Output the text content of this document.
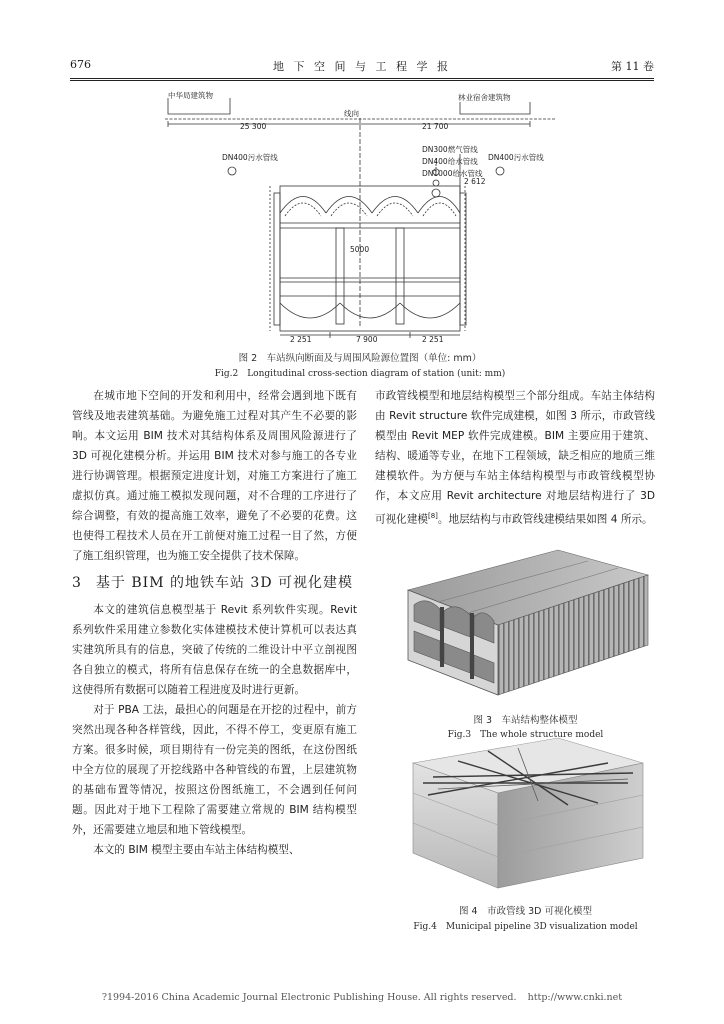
676	地 下 空 间 与 工 程 学 报	第 11 卷
中华局建筑物	林业宿舍建筑物
线向
25 300	21 700
DN400污水管线
DN300燃气管线
DN400给水管线
DN1000给水管线
DN400污水管线
2 612
5000
2 251	7 900	2 251
图 2　车站纵向断面及与周围风险源位置图（单位: mm）
Fig.2　Longitudinal cross-section diagram of station (unit: mm)

在城市地下空间的开发和利用中，经常会遇到地下既有管线及地表建筑基础。为避免施工过程对其产生不必要的影响。本文运用 BIM 技术对其结构体系及周围风险源进行了 3D 可视化建模分析。并运用 BIM 技术对参与施工的各专业进行协调管理。根据预定进度计划，对施工方案进行了施工虚拟仿真。通过施工模拟发现问题，对不合理的工序进行了综合调整，有效的提高施工效率，避免了不必要的花费。这也使得工程技术人员在开工前便对施工过程一目了然，方便了施工组织管理，也为施工安全提供了技术保障。

3 基于 BIM 的地铁车站 3D 可视化建模

本文的建筑信息模型基于 Revit 系列软件实现。Revit 系列软件采用建立参数化实体建模技术使计算机可以表达真实建筑所具有的信息，突破了传统的二维设计中平立剖视图各自独立的模式，将所有信息保存在统一的全息数据库中，这使得所有数据可以随着工程进度及时进行更新。

对于 PBA 工法，最担心的问题是在开挖的过程中，前方突然出现各种各样管线，因此，不得不停工，变更原有施工方案。很多时候，项目期待有一份完美的图纸，在这份图纸中全方位的展现了开挖线路中各种管线的布置，上层建筑物的基础布置等情况，按照这份图纸施工，不会遇到任何问题。因此对于地下工程除了需要建立常规的 BIM 结构模型外，还需要建立地层和地下管线模型。

本文的 BIM 模型主要由车站主体结构模型、

市政管线模型和地层结构模型三个部分组成。车站主体结构由 Revit structure 软件完成建模，如图 3 所示，市政管线模型由 Revit MEP 软件完成建模。BIM 主要应用于建筑、结构、暖通等专业，在地下工程领域，缺乏相应的地质三维建模软件。为方便与车站主体结构模型与市政管线模型协作，本文应用 Revit architecture 对地层结构进行了 3D 可视化建模[8]。地层结构与市政管线建模结果如图 4 所示。

图 3　车站结构整体模型
Fig.3　The whole structure model
图 4　市政管线 3D 可视化模型
Fig.4　Municipal pipeline 3D visualization model
?1994-2016 China Academic Journal Electronic Publishing House. All rights reserved. http://www.cnki.net
